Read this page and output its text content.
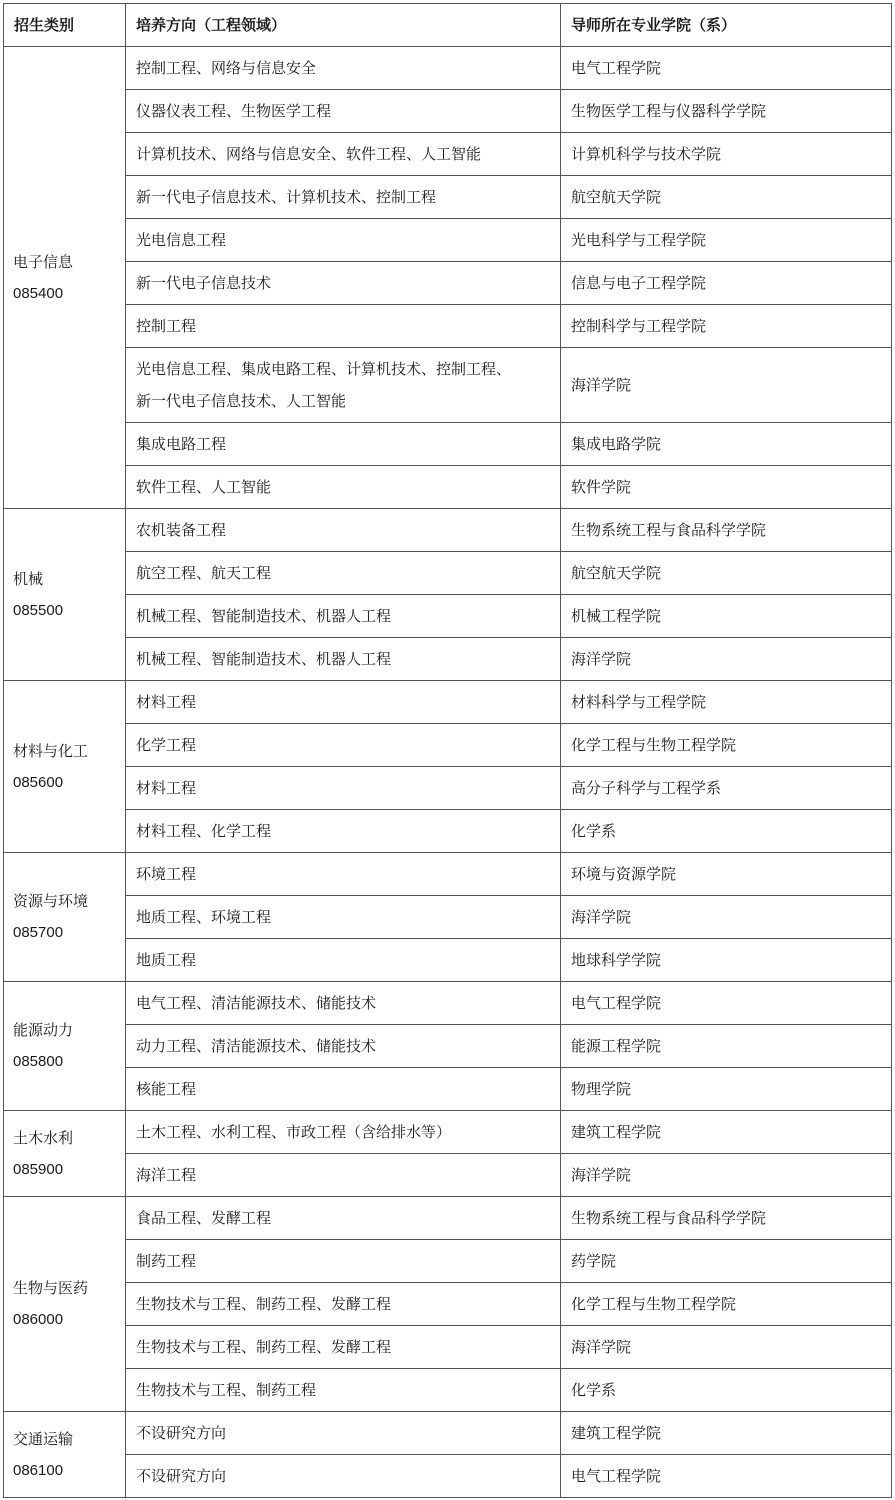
招生类别	培养方向（工程领域）	导师所在专业学院（系）

电子信息
085400	控制工程、网络与信息安全	电气工程学院
	仪器仪表工程、生物医学工程	生物医学工程与仪器科学学院
	计算机技术、网络与信息安全、软件工程、人工智能	计算机科学与技术学院
	新一代电子信息技术、计算机技术、控制工程	航空航天学院
	光电信息工程	光电科学与工程学院
	新一代电子信息技术	信息与电子工程学院
	控制工程	控制科学与工程学院

	光电信息工程、集成电路工程、计算机技术、控制工程、
新一代电子信息技术、人工智能	海洋学院
	集成电路工程	集成电路学院
	软件工程、人工智能	软件学院

机械
085500	农机装备工程	生物系统工程与食品科学学院
	航空工程、航天工程	航空航天学院
	机械工程、智能制造技术、机器人工程	机械工程学院
	机械工程、智能制造技术、机器人工程	海洋学院

材料与化工
085600	材料工程	材料科学与工程学院
	化学工程	化学工程与生物工程学院
	材料工程	高分子科学与工程学系
	材料工程、化学工程	化学系

资源与环境
085700	环境工程	环境与资源学院
	地质工程、环境工程	海洋学院
	地质工程	地球科学学院

能源动力
085800	电气工程、清洁能源技术、储能技术	电气工程学院
	动力工程、清洁能源技术、储能技术	能源工程学院
	核能工程	物理学院

土木水利
085900	土木工程、水利工程、市政工程（含给排水等）	建筑工程学院
	海洋工程	海洋学院

生物与医药
086000	食品工程、发酵工程	生物系统工程与食品科学学院
	制药工程	药学院
	生物技术与工程、制药工程、发酵工程	化学工程与生物工程学院
	生物技术与工程、制药工程、发酵工程	海洋学院
	生物技术与工程、制药工程	化学系

交通运输
086100	不设研究方向	建筑工程学院
	不设研究方向	电气工程学院
